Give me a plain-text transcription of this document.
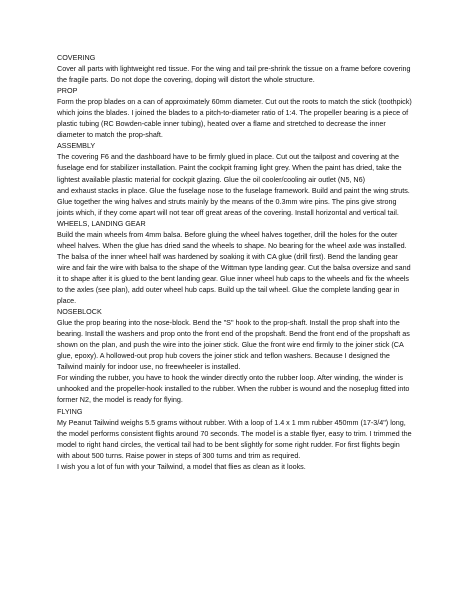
COVERING

Cover all parts with lightweight red tissue. For the wing and tail pre-shrink the tissue on a frame before covering the fragile parts. Do not dope the covering, doping will distort the whole structure.

PROP

Form the prop blades on a can of approximately 60mm diameter. Cut out the roots to match the stick (toothpick) which joins the blades. I joined the blades to a pitch-to-diameter ratio of 1:4. The propeller bearing is a piece of plastic tubing (RC Bowden-cable inner tubing), heated over a flame and stretched to decrease the inner diameter to match the prop-shaft.

ASSEMBLY

The covering F6 and the dashboard have to be firmly glued in place. Cut out the tailpost and covering at the fuselage end for stabilizer installation. Paint the cockpit framing light grey. When the paint has dried, take the lightest available plastic material for cockpit glazing. Glue the oil cooler/cooling air outlet (N5, N6)

and exhaust stacks in place. Glue the fuselage nose to the fuselage framework. Build and paint the wing struts. Glue together the wing halves and struts mainly by the means of the 0.3mm wire pins. The pins give strong joints which, if they come apart will not tear off great areas of the covering. Install horizontal and vertical tail.

WHEELS, LANDING GEAR

Build the main wheels from 4mm balsa. Before gluing the wheel halves together, drill the holes for the outer wheel halves. When the glue has dried sand the wheels to shape. No bearing for the wheel axle was installed. The balsa of the inner wheel half was hardened by soaking it with CA glue (drill first). Bend the landing gear wire and fair the wire with balsa to the shape of the Wittman type landing gear. Cut the balsa oversize and sand it to shape after it is glued to the bent landing gear. Glue inner wheel hub caps to the wheels and fix the wheels to the axles (see plan), add outer wheel hub caps. Build up the tail wheel. Glue the complete landing gear in place.

NOSEBLOCK

Glue the prop bearing into the nose-block. Bend the "S" hook to the prop-shaft. Install the prop shaft into the bearing. Install the washers and prop onto the front end of the propshaft. Bend the front end of the propshaft as shown on the plan, and push the wire into the joiner stick. Glue the front wire end firmly to the joiner stick (CA glue, epoxy). A hollowed-out prop hub covers the joiner stick and teflon washers. Because I designed the Tailwind mainly for indoor use, no freewheeler is installed.

For winding the rubber, you have to hook the winder directly onto the rubber loop. After winding, the winder is unhooked and the propeller-hook installed to the rubber. When the rubber is wound and the noseplug fitted into former N2, the model is ready for flying.

FLYING

My Peanut Tailwind weighs 5.5 grams without rubber. With a loop of 1.4 x 1 mm rubber 450mm (17-3/4") long, the model performs consistent flights around 70 seconds. The model is a stable flyer, easy to trim. I trimmed the model to right hand circles, the vertical tail had to be bent slightly for some right rudder. For first flights begin with about 500 turns. Raise power in steps of 300 turns and trim as required.

I wish you a lot of fun with your Tailwind, a model that flies as clean as it looks.
